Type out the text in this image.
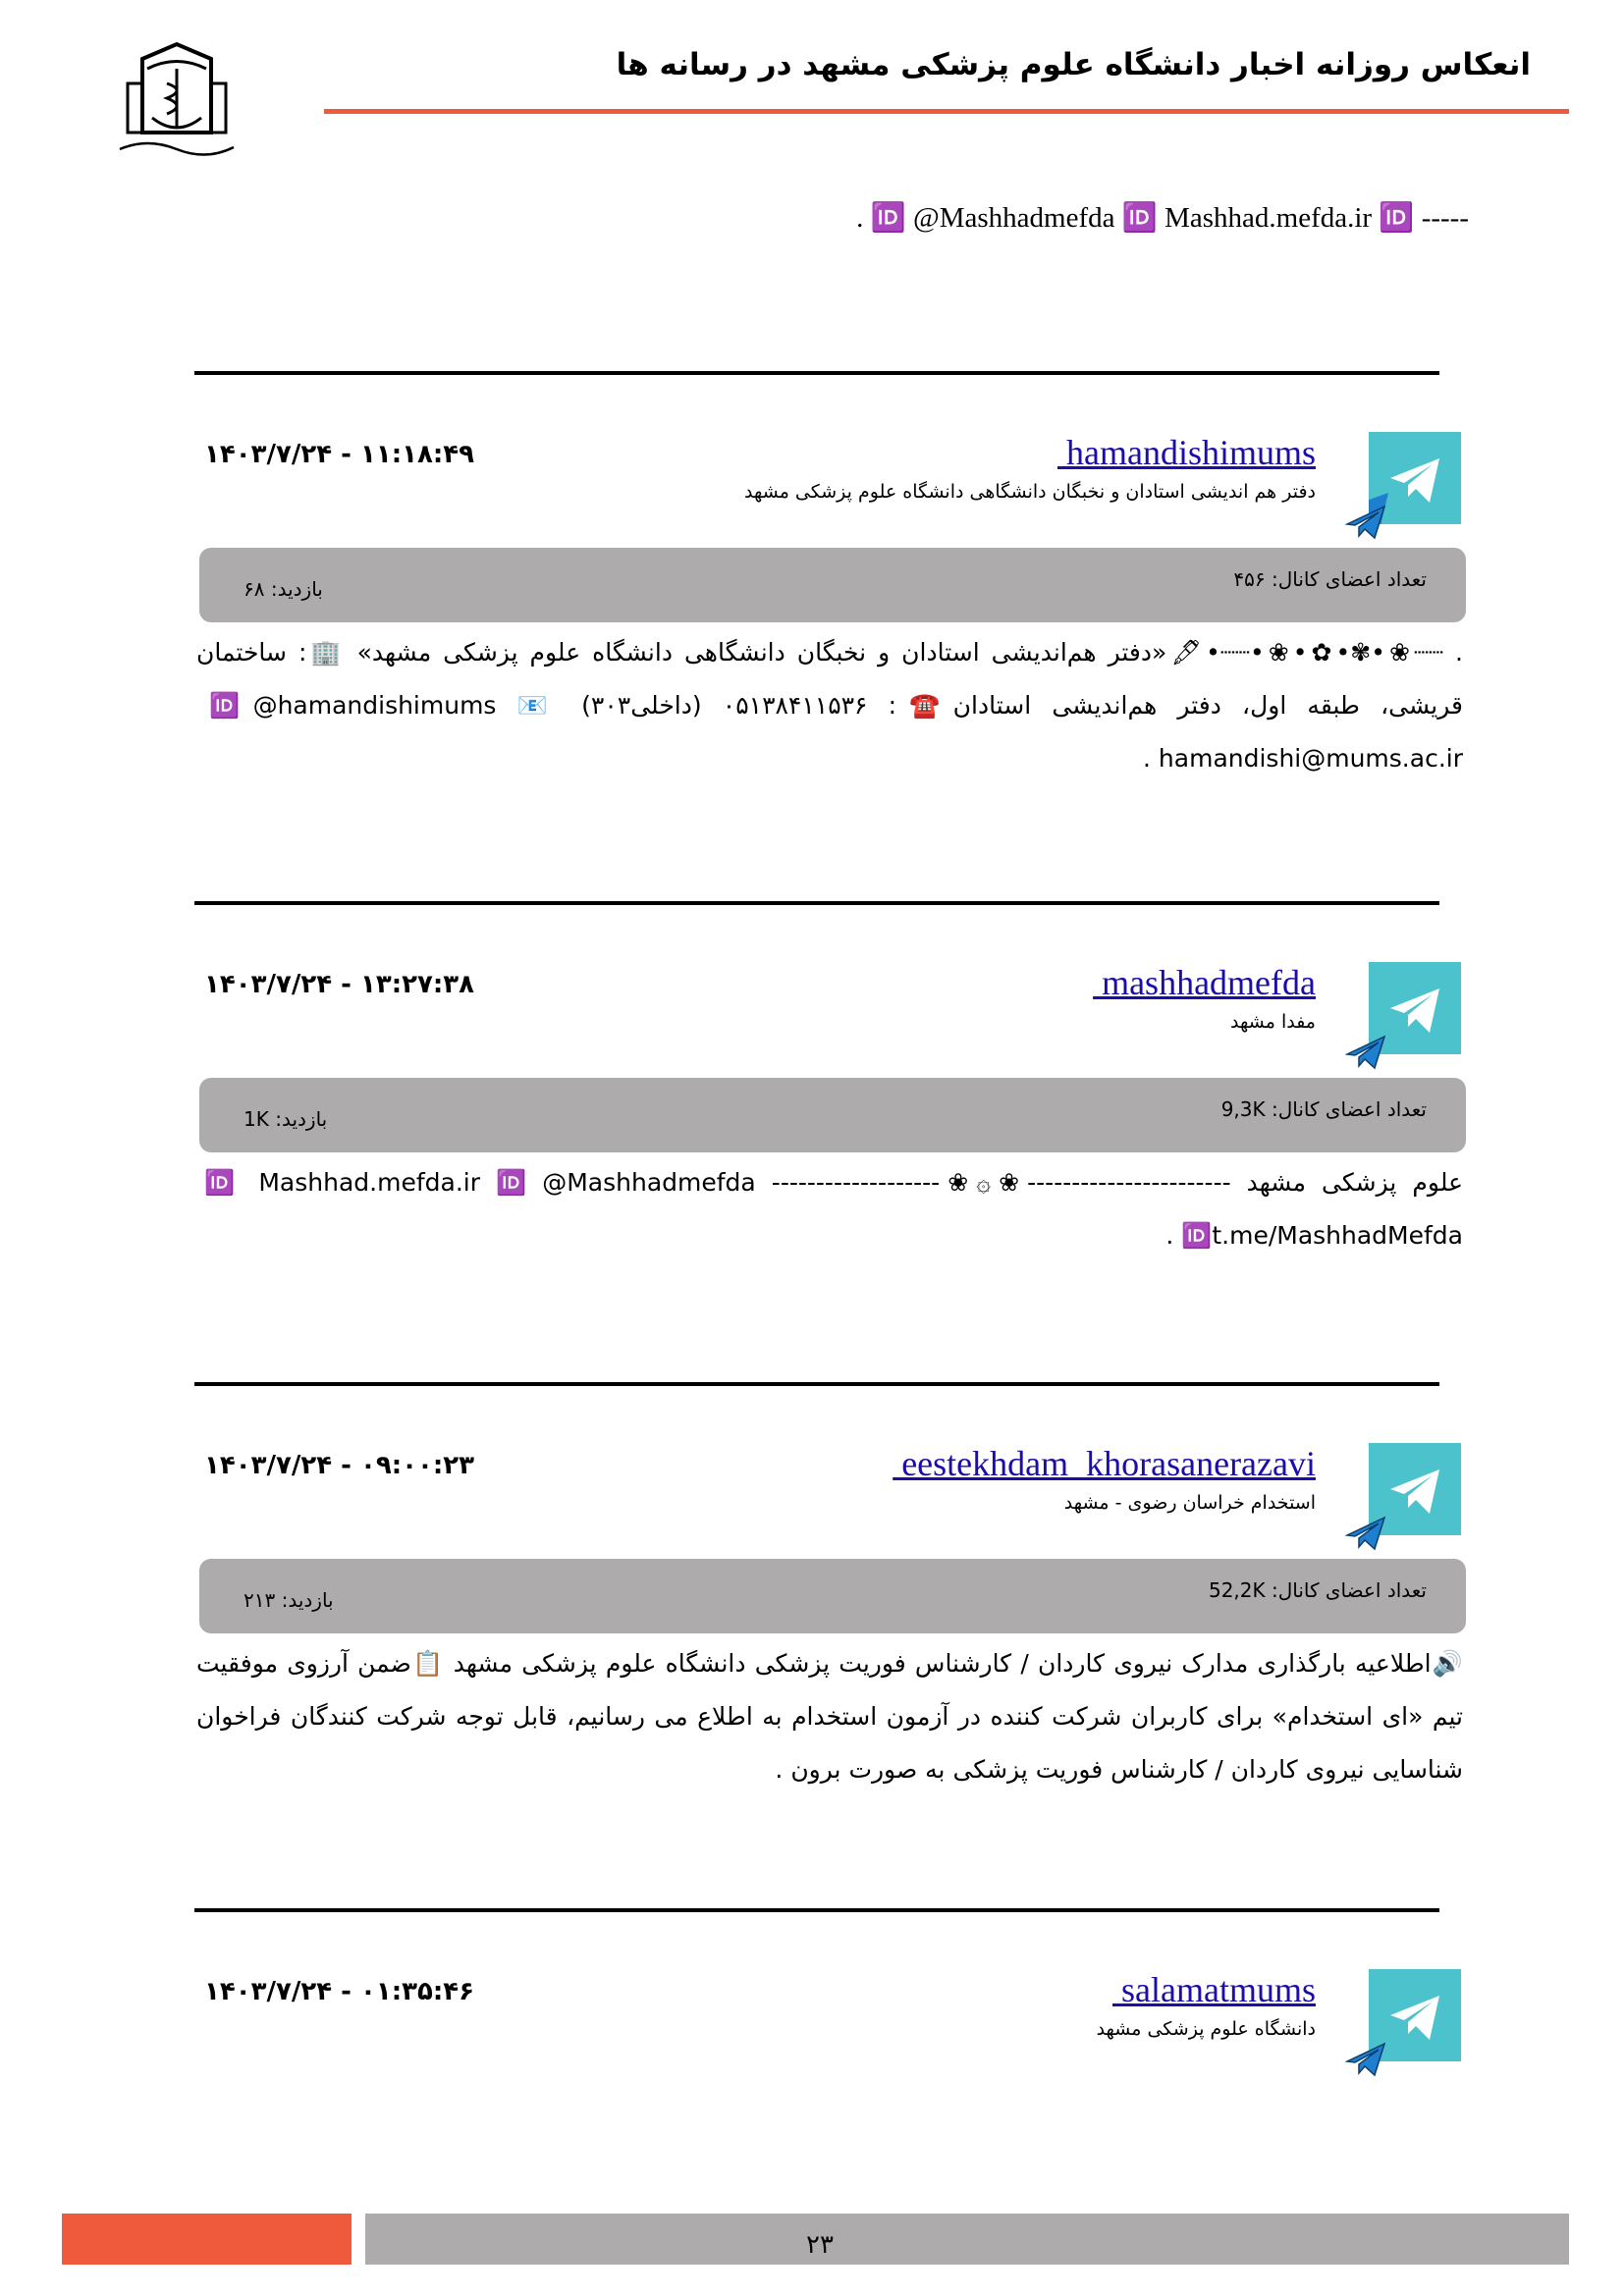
انعکاس روزانه اخبار دانشگاه علوم پزشکی مشهد در رسانه ها
----- 🆔 @Mashhadmefda 🆔 Mashhad.mefda.ir 🆔 .
hamandishimums
دفتر هم اندیشی استادان و نخبگان دانشگاهی دانشگاه علوم پزشکی مشهد
۱۱:۱۸:۴۹ - ۱۴۰۳/۷/۲۴
تعداد اعضای کانال: ۴۵۶
بازدید: ۶۸
. ┈┈❀•✾•✿•❀•┈┈•🖋«دفتر هم‌اندیشی استادان و نخبگان دانشگاهی دانشگاه علوم پزشکی مشهد» 🏢: ساختمان قریشی، طبقه اول، دفتر هم‌اندیشی استادان☎️: ۰۵۱۳۸۴۱۱۵۳۶ (داخلی۳۰۳) 🆔@hamandishimums 📧 hamandishi@mums.ac.ir .
mashhadmefda
مفدا مشهد
۱۳:۲۷:۳۸ - ۱۴۰۳/۷/۲۴
تعداد اعضای کانال: 9,3K
بازدید: 1K
علوم پزشکی مشهد -----------------------❀۞❀------------------- 🆔 Mashhad.mefda.ir 🆔 @Mashhadmefda 🆔t.me/MashhadMefda .
eestekhdam_khorasanerazavi
استخدام خراسان رضوی - مشهد
۰۹:۰۰:۲۳ - ۱۴۰۳/۷/۲۴
تعداد اعضای کانال: 52,2K
بازدید: ۲۱۳
🔊اطلاعیه بارگذاری مدارک نیروی کاردان / کارشناس فوریت پزشکی دانشگاه علوم پزشکی مشهد 📋ضمن آرزوی موفقیت تیم «ای استخدام» برای کاربران شرکت کننده در آزمون استخدام به اطلاع می رسانیم، قابل توجه شرکت کنندگان فراخوان شناسایی نیروی کاردان / کارشناس فوریت پزشکی به صورت برون .
salamatmums
دانشگاه علوم پزشکی مشهد
۰۱:۳۵:۴۶ - ۱۴۰۳/۷/۲۴
۲۳
